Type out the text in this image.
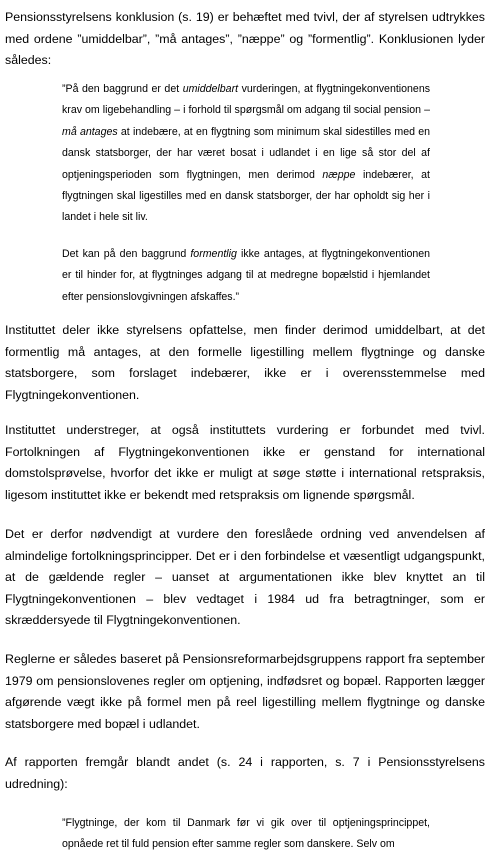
Pensionsstyrelsens konklusion (s. 19) er behæftet med tvivl, der af styrelsen udtrykkes med ordene ”umiddelbar”, ”må antages”, ”næppe” og ”formentlig”. Konklusionen lyder således:

”På den baggrund er det umiddelbart vurderingen, at flygtningekonventionens krav om ligebehandling – i forhold til spørgsmål om adgang til social pension – må antages at indebære, at en flygtning som minimum skal sidestilles med en dansk statsborger, der har været bosat i udlandet i en lige så stor del af optjeningsperioden som flygtningen, men derimod næppe indebærer, at flygtningen skal ligestilles med en dansk statsborger, der har opholdt sig her i landet i hele sit liv.

Det kan på den baggrund formentlig ikke antages, at flygtningekonventionen er til hinder for, at flygtninges adgang til at medregne bopælstid i hjemlandet efter pensionslovgivningen afskaffes.”

Instituttet deler ikke styrelsens opfattelse, men finder derimod umiddelbart, at det formentlig må antages, at den formelle ligestilling mellem flygtninge og danske statsborgere, som forslaget indebærer, ikke er i overensstemmelse med Flygtningekonventionen.

Instituttet understreger, at også instituttets vurdering er forbundet med tvivl. Fortolkningen af Flygtningekonventionen ikke er genstand for international domstolsprøvelse, hvorfor det ikke er muligt at søge støtte i international retspraksis, ligesom instituttet ikke er bekendt med retspraksis om lignende spørgsmål.

Det er derfor nødvendigt at vurdere den foreslåede ordning ved anvendelsen af almindelige fortolkningsprincipper. Det er i den forbindelse et væsentligt udgangspunkt, at de gældende regler – uanset at argumentationen ikke blev knyttet an til Flygtningekonventionen – blev vedtaget i 1984 ud fra betragtninger, som er skræddersyede til Flygtningekonventionen.

Reglerne er således baseret på Pensionsreformarbejdsgruppens rapport fra september 1979 om pensionslovenes regler om optjening, indfødsret og bopæl. Rapporten lægger afgørende vægt ikke på formel men på reel ligestilling mellem flygtninge og danske statsborgere med bopæl i udlandet.

Af rapporten fremgår blandt andet (s. 24 i rapporten, s. 7 i Pensionsstyrelsens udredning):

”Flygtninge, der kom til Danmark før vi gik over til optjeningsprincippet, opnåede ret til fuld pension efter samme regler som danskere. Selv om
